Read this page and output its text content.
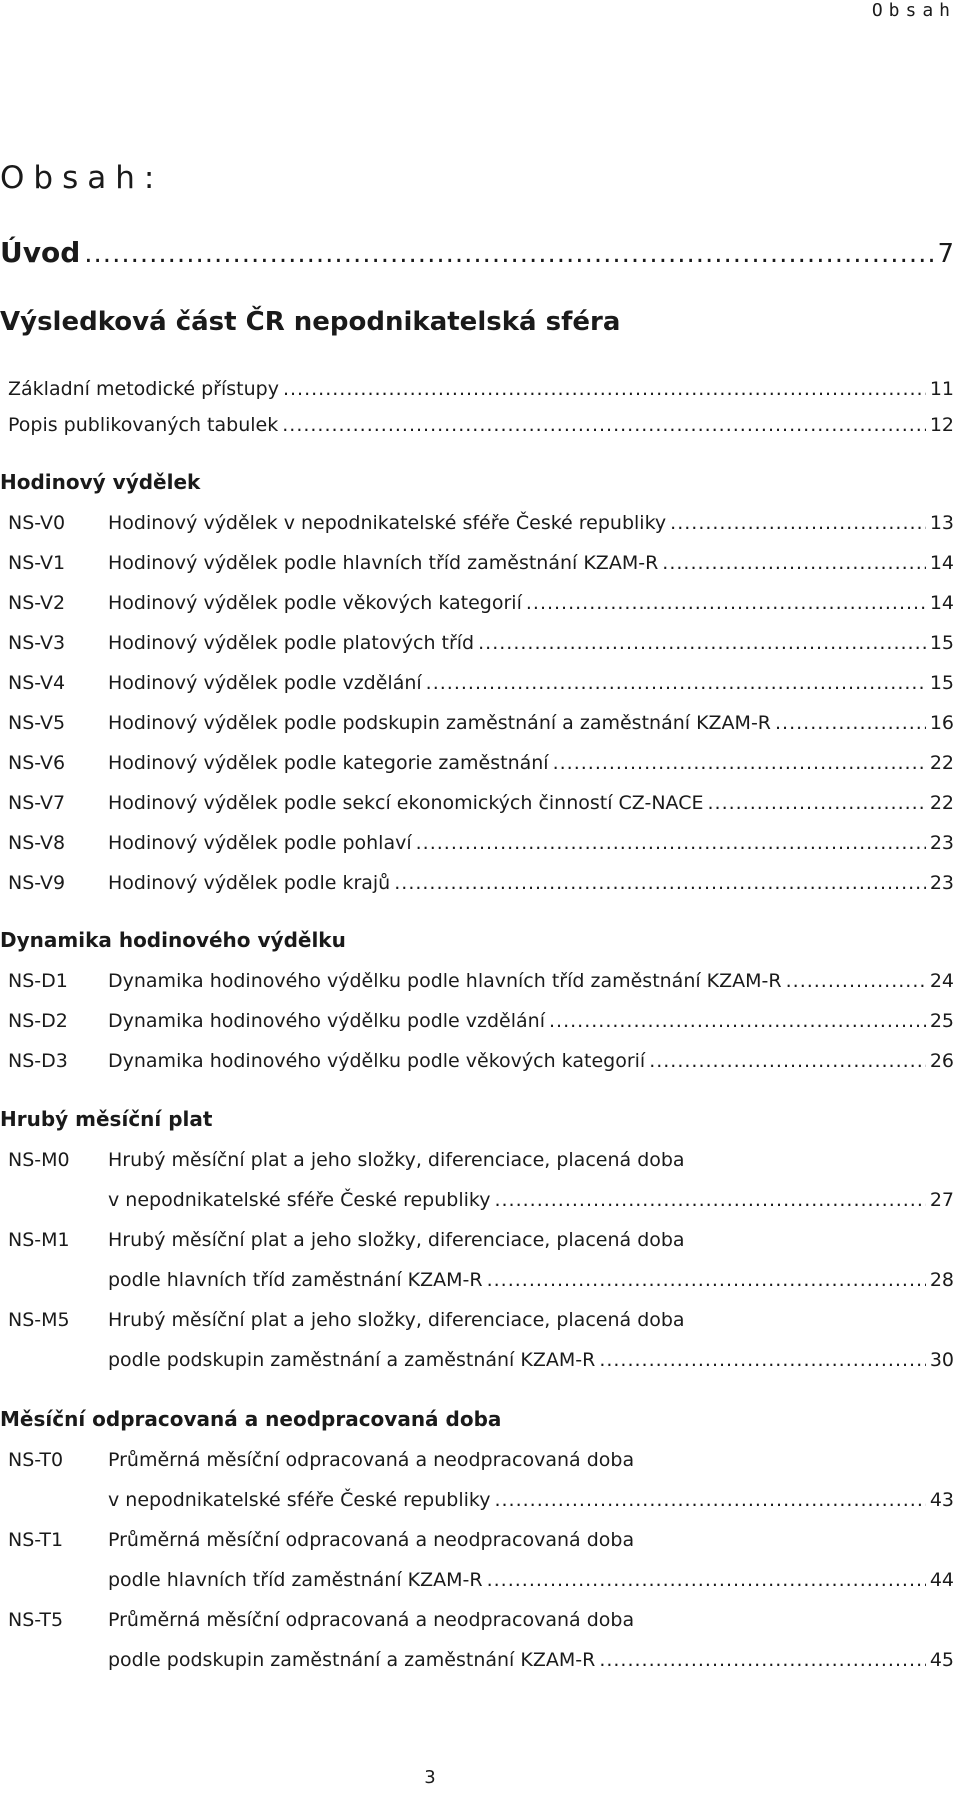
Obsah
Obsah:
Úvod .....	7
Výsledková část ČR nepodnikatelská sféra
Základní metodické přístupy .....	11
Popis publikovaných tabulek .....	12
Hodinový výdělek
NS-V0 Hodinový výdělek v nepodnikatelské sféře České republiky .....	13
NS-V1 Hodinový výdělek podle hlavních tříd zaměstnání KZAM-R .....	14
NS-V2 Hodinový výdělek podle věkových kategorií .....	14
NS-V3 Hodinový výdělek podle platových tříd .....	15
NS-V4 Hodinový výdělek podle vzdělání .....	15
NS-V5 Hodinový výdělek podle podskupin zaměstnání a zaměstnání KZAM-R .....	16
NS-V6 Hodinový výdělek podle kategorie zaměstnání .....	22
NS-V7 Hodinový výdělek podle sekcí ekonomických činností CZ-NACE .....	22
NS-V8 Hodinový výdělek podle pohlaví .....	23
NS-V9 Hodinový výdělek podle krajů .....	23
Dynamika hodinového výdělku
NS-D1 Dynamika hodinového výdělku podle hlavních tříd zaměstnání KZAM-R .....	24
NS-D2 Dynamika hodinového výdělku podle vzdělání .....	25
NS-D3 Dynamika hodinového výdělku podle věkových kategorií .....	26
Hrubý měsíční plat
NS-M0 Hrubý měsíční plat a jeho složky, diferenciace, placená doba
v nepodnikatelské sféře České republiky .....	27
NS-M1 Hrubý měsíční plat a jeho složky, diferenciace, placená doba
podle hlavních tříd zaměstnání KZAM-R .....	28
NS-M5 Hrubý měsíční plat a jeho složky, diferenciace, placená doba
podle podskupin zaměstnání a zaměstnání KZAM-R .....	30
Měsíční odpracovaná a neodpracovaná doba
NS-T0 Průměrná měsíční odpracovaná a neodpracovaná doba
v nepodnikatelské sféře České republiky .....	43
NS-T1 Průměrná měsíční odpracovaná a neodpracovaná doba
podle hlavních tříd zaměstnání KZAM-R .....	44
NS-T5 Průměrná měsíční odpracovaná a neodpracovaná doba
podle podskupin zaměstnání a zaměstnání KZAM-R .....	45
3
